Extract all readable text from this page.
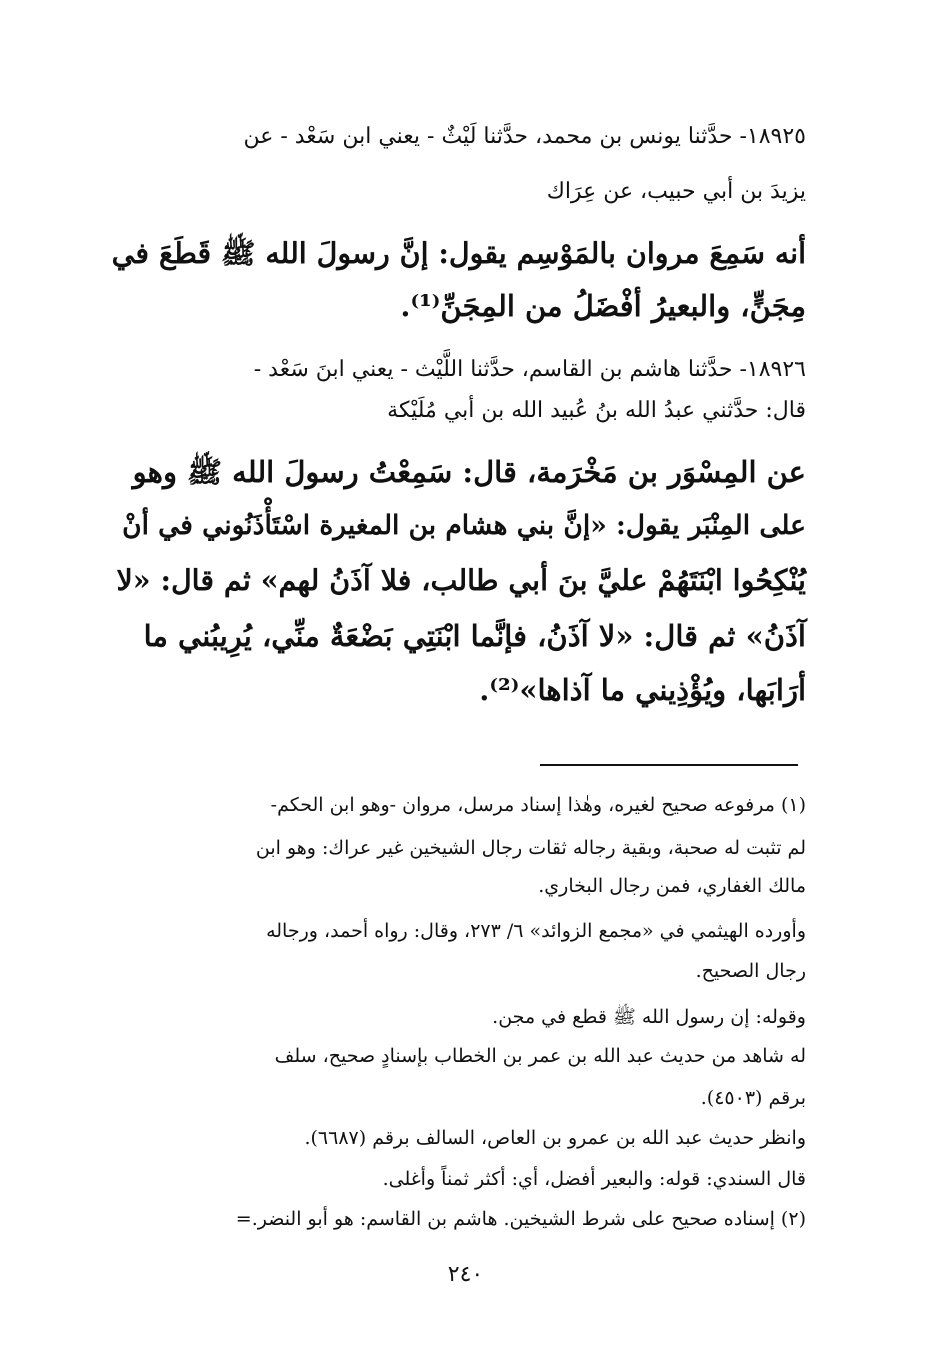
١٨٩٢٥- حدَّثنا يونس بن محمد، حدَّثنا لَيْثٌ - يعني ابن سَعْد - عن
يزيدَ بن أبي حبيب، عن عِرَاك
أنه سَمِعَ مروان بالمَوْسِم يقول: إنَّ رسولَ الله ﷺ قَطَعَ في
مِجَنٍّ، والبعيرُ أفْضَلُ من المِجَنِّ⁽¹⁾.
١٨٩٢٦- حدَّثنا هاشم بن القاسم، حدَّثنا اللَّيْث - يعني ابنَ سَعْد -
قال: حدَّثني عبدُ الله بنُ عُبيد الله بن أبي مُلَيْكة
عن المِسْوَر بن مَخْرَمة، قال: سَمِعْتُ رسولَ الله ﷺ وهو
على المِنْبَر يقول: «إنَّ بني هشام بن المغيرة اسْتَأْذَنُوني في أنْ
يُنْكِحُوا ابْنَتَهُمْ عليَّ بنَ أبي طالب، فلا آذَنُ لهم» ثم قال: «لا
آذَنُ» ثم قال: «لا آذَنُ، فإنَّما ابْنَتِي بَضْعَةٌ منِّي، يُرِيبُني ما
أرَابَها، ويُؤْذِيني ما آذاها»⁽²⁾.
(١) مرفوعه صحيح لغيره، وهٰذا إسناد مرسل، مروان -وهو ابن الحكم-
لم تثبت له صحبة، وبقية رجاله ثقات رجال الشيخين غير عراك: وهو ابن
مالك الغفاري، فمن رجال البخاري.
وأورده الهيثمي في «مجمع الزوائد» ٦/ ٢٧٣، وقال: رواه أحمد، ورجاله
رجال الصحيح.
وقوله: إن رسول الله ﷺ قطع في مجن.
له شاهد من حديث عبد الله بن عمر بن الخطاب بإسنادٍ صحيح، سلف
برقم (٤٥٠٣).
وانظر حديث عبد الله بن عمرو بن العاص، السالف برقم (٦٦٨٧).
قال السندي: قوله: والبعير أفضل، أي: أكثر ثمناً وأغلى.
(٢) إسناده صحيح على شرط الشيخين. هاشم بن القاسم: هو أبو النضر.=
٢٤٠
